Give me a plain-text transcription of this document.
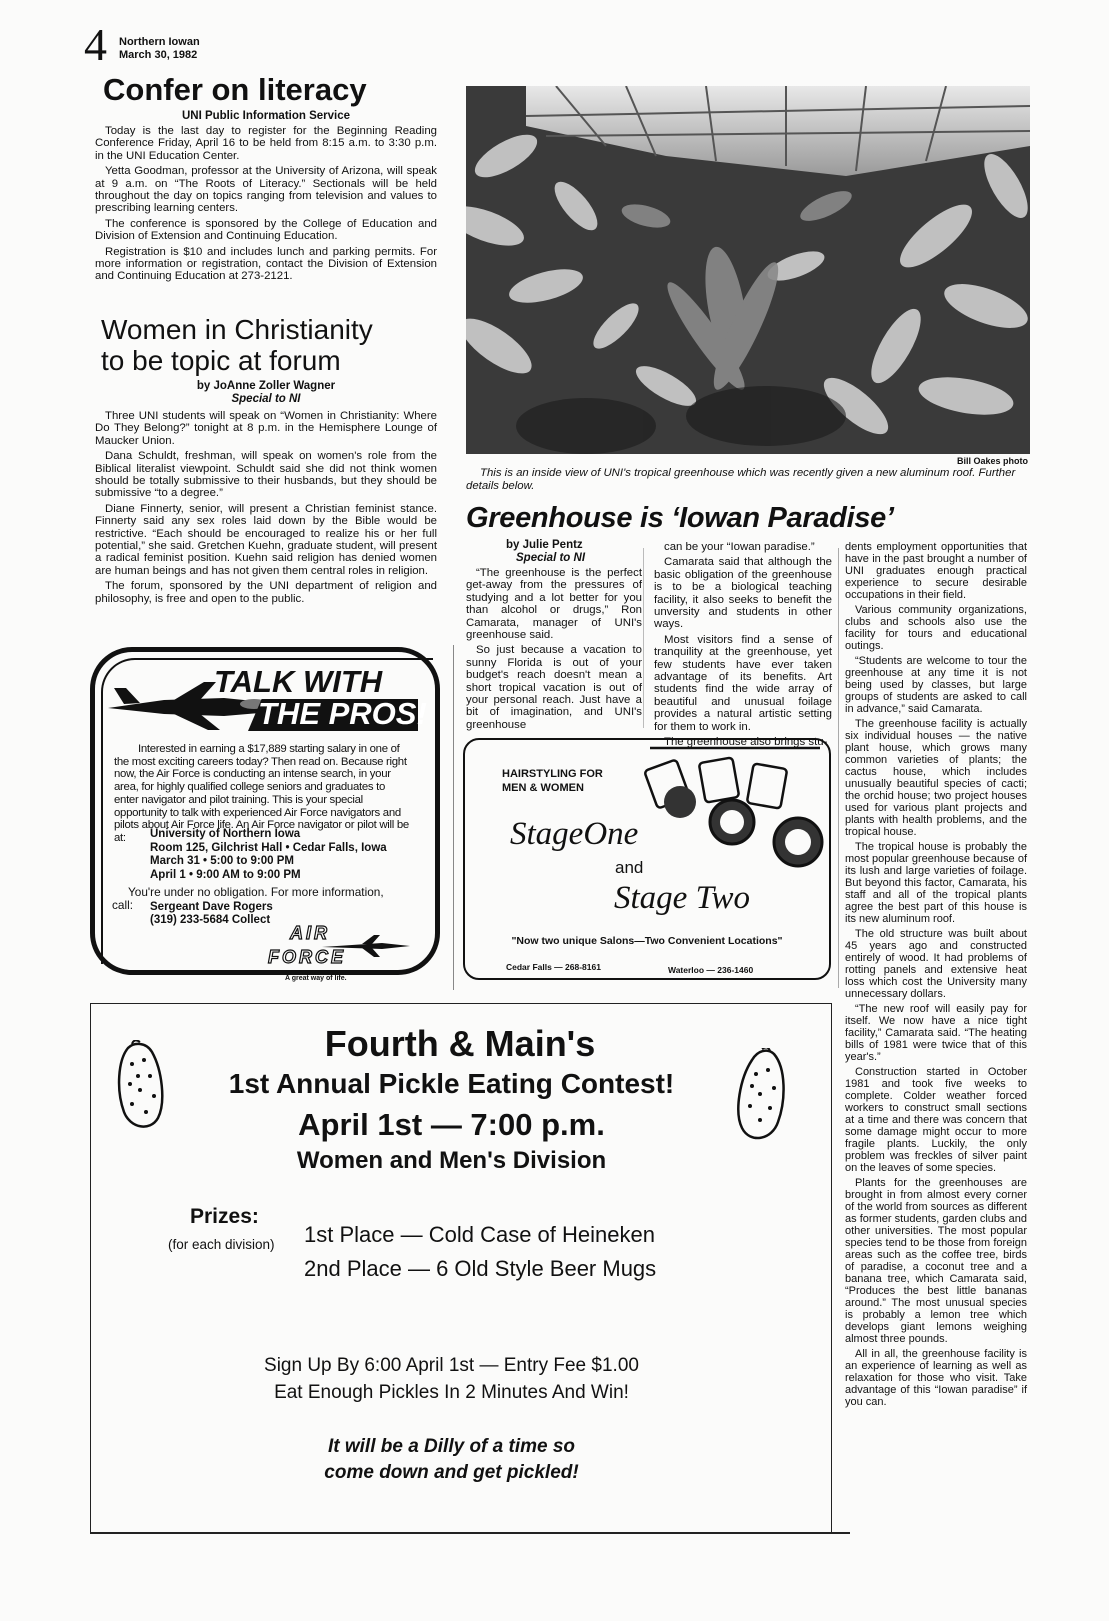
4 Northern Iowan
March 30, 1982
Confer on literacy
UNI Public Information Service

Today is the last day to register for the Beginning Reading Conference Friday, April 16 to be held from 8:15 a.m. to 3:30 p.m. in the UNI Education Center.

Yetta Goodman, professor at the University of Arizona, will speak at 9 a.m. on “The Roots of Literacy.” Sectionals will be held throughout the day on topics ranging from television and values to prescribing learning centers.

The conference is sponsored by the College of Education and Division of Extension and Continuing Education.

Registration is $10 and includes lunch and parking permits. For more information or registration, contact the Division of Extension and Continuing Education at 273-2121.

Women in Christianity
to be topic at forum
by JoAnne Zoller Wagner
Special to NI

Three UNI students will speak on “Women in Christianity: Where Do They Belong?” tonight at 8 p.m. in the Hemisphere Lounge of Maucker Union.

Dana Schuldt, freshman, will speak on women's role from the Biblical literalist viewpoint. Schuldt said she did not think women should be totally submissive to their husbands, but they should be submissive “to a degree.”

Diane Finnerty, senior, will present a Christian feminist stance. Finnerty said any sex roles laid down by the Bible would be restrictive. “Each should be encouraged to realize his or her full potential,” she said. Gretchen Kuehn, graduate student, will present a radical feminist position. Kuehn said religion has denied women are human beings and has not given them central roles in religion.

The forum, sponsored by the UNI department of religion and philosophy, is free and open to the public.

Bill Oakes photo
This is an inside view of UNI's tropical greenhouse which was recently given a new aluminum roof. Further details below.
Greenhouse is ‘Iowan Paradise’
by Julie Pentz
Special to NI

“The greenhouse is the perfect get-away from the pressures of studying and a lot better for you than alcohol or drugs,” Ron Camarata, manager of UNI's greenhouse said.

So just because a vacation to sunny Florida is out of your budget's reach doesn't mean a short tropical vacation is out of your personal reach. Just have a bit of imagination, and UNI's greenhouse

can be your “Iowan paradise.”

Camarata said that although the basic obligation of the greenhouse is to be a biological teaching facility, it also seeks to benefit the unversity and students in other ways.

Most visitors find a sense of tranquility at the greenhouse, yet few students have ever taken advantage of its benefits. Art students find the wide array of beautiful and unusual foilage provides a natural artistic setting for them to work in.

The greenhouse also brings stu-

dents employment opportunities that have in the past brought a number of UNI graduates enough practical experience to secure desirable occupations in their field.

Various community organizations, clubs and schools also use the facility for tours and educational outings.

“Students are welcome to tour the greenhouse at any time it is not being used by classes, but large groups of students are asked to call in advance,” said Camarata.

The greenhouse facility is actually six individual houses — the native plant house, which grows many common varieties of plants; the cactus house, which includes unusually beautiful species of cacti; the orchid house; two project houses used for various plant projects and plants with health problems, and the tropical house.

The tropical house is probably the most popular greenhouse because of its lush and large varieties of foilage. But beyond this factor, Camarata, his staff and all of the tropical plants agree the best part of this house is its new aluminum roof.

The old structure was built about 45 years ago and constructed entirely of wood. It had problems of rotting panels and extensive heat loss which cost the University many unnecessary dollars.

“The new roof will easily pay for itself. We now have a nice tight facility,” Camarata said. “The heating bills of 1981 were twice that of this year's.”

Construction started in October 1981 and took five weeks to complete. Colder weather forced workers to construct small sections at a time and there was concern that some damage might occur to more fragile plants. Luckily, the only problem was freckles of silver paint on the leaves of some species.

Plants for the greenhouses are brought in from almost every corner of the world from sources as different as former students, garden clubs and other universities. The most popular species tend to be those from foreign areas such as the coffee tree, birds of paradise, a coconut tree and a banana tree, which Camarata said, “Produces the best little bananas around.” The most unusual species is probably a lemon tree which develops giant lemons weighing almost three pounds.

All in all, the greenhouse facility is an experience of learning as well as relaxation for those who visit. Take advantage of this “Iowan paradise” if you can.

TALK WITH
THE PROS!
Interested in earning a $17,889 starting salary in one of the most exciting careers today? Then read on. Because right now, the Air Force is conducting an intense search, in your area, for highly qualified college seniors and graduates to enter navigator and pilot training. This is your special opportunity to talk with experienced Air Force navigators and pilots about Air Force life. An Air Force navigator or pilot will be at:	University of Northern Iowa
Room 125, Gilchrist Hall • Cedar Falls, Iowa
March 31 • 5:00 to 9:00 PM
April 1 • 9:00 AM to 9:00 PM
You're under no obligation. For more information,
call: Sergeant Dave Rogers
(319) 233-5684 Collect
AIR
FORCE
A great way of life.
HAIRSTYLING FOR
MEN & WOMEN
StageOne
and
Stage Two
"Now two unique Salons—Two Convenient Locations"
Cedar Falls — 268-8161	Waterloo — 236-1460
Fourth & Main's
1st Annual Pickle Eating Contest!
April 1st — 7:00 p.m.
Women and Men's Division
Prizes:
(for each division) 1st Place — Cold Case of Heineken
2nd Place — 6 Old Style Beer Mugs
Sign Up By 6:00 April 1st — Entry Fee $1.00
Eat Enough Pickles In 2 Minutes And Win!
It will be a Dilly of a time so
come down and get pickled!
